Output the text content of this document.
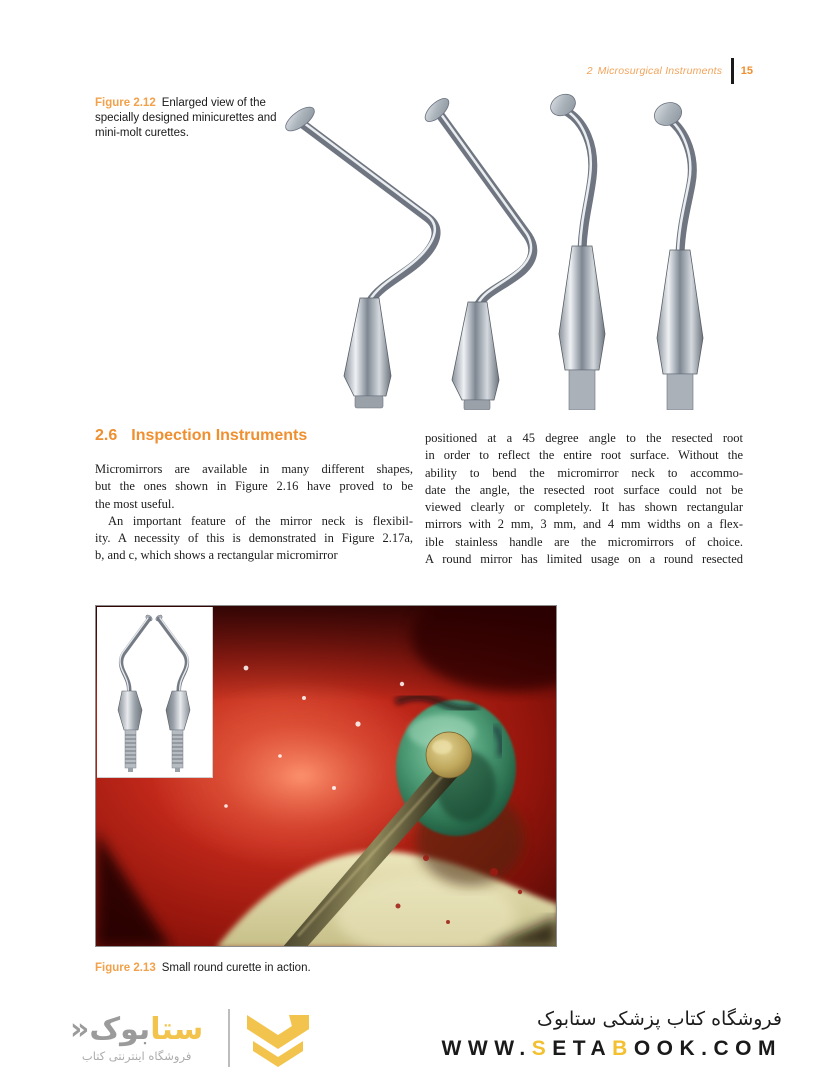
2 Microsurgical Instruments 15
Figure 2.12 Enlarged view of the specially designed minicurettes and mini-molt curettes.
2.6 Inspection Instruments
Micromirrors are available in many different shapes,
but the ones shown in Figure 2.16 have proved to be
the most useful.
An important feature of the mirror neck is flexibil-
ity. A necessity of this is demonstrated in Figure 2.17a,
b, and c, which shows a rectangular micromirror
positioned at a 45 degree angle to the resected root
in order to reflect the entire root surface. Without the
ability to bend the micromirror neck to accommo-
date the angle, the resected root surface could not be
viewed clearly or completely. It has shown rectangular
mirrors with 2 mm, 3 mm, and 4 mm widths on a flex-
ible stainless handle are the micromirrors of choice.
A round mirror has limited usage on a round resected
Figure 2.13 Small round curette in action.
ستابوک«
فروشگاه اینترنتی کتاب
فروشگاه کتاب پزشکی ستابوک
WWW.SETABOOK.COM
